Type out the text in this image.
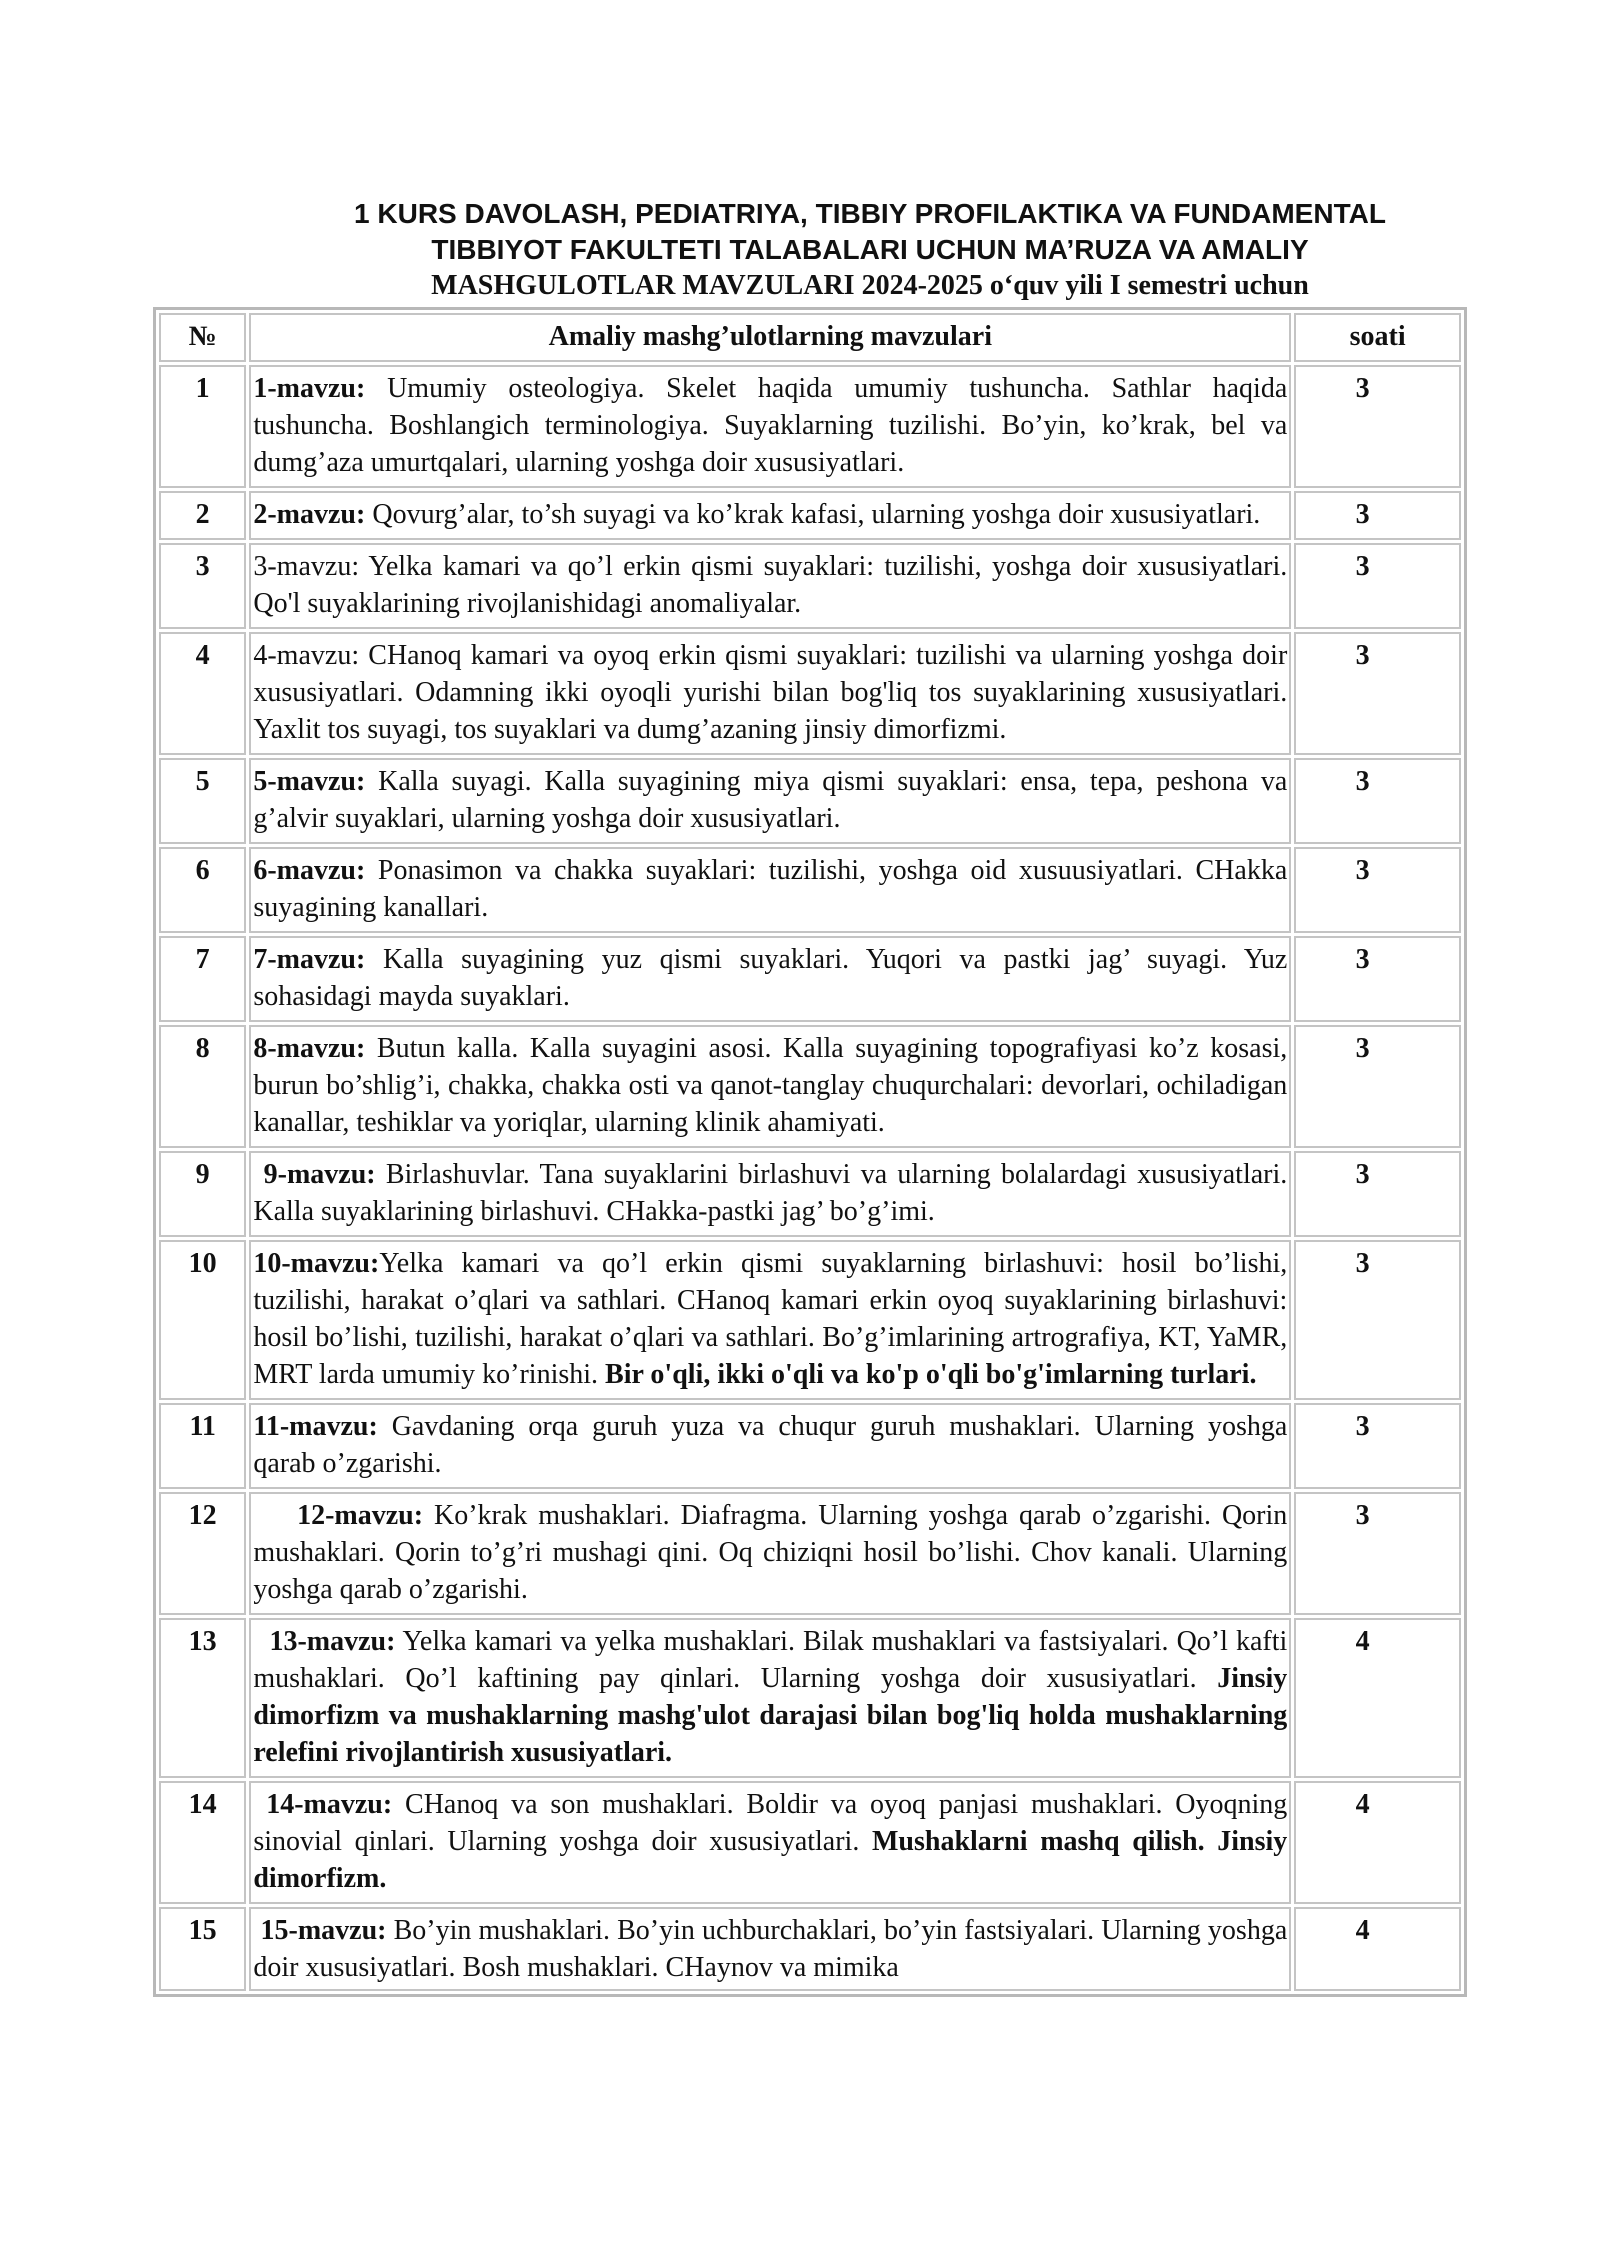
1 KURS DAVOLASH, PEDIATRIYA, TIBBIY PROFILAKTIKA VA FUNDAMENTAL
TIBBIYOT FAKULTETI TALABALARI UCHUN MA’RUZA VA AMALIY
MASHGULOTLAR MAVZULARI 2024-2025 o‘quv yili I semestri uchun
№	Amaliy mashg’ulotlarning mavzulari	soati
1	1-mavzu: Umumiy osteologiya. Skelet haqida umumiy tushuncha. Sathlar haqida tushuncha. Boshlangich terminologiya. Suyaklarning tuzilishi. Bo’yin, ko’krak, bel va dumg’aza umurtqalari, ularning yoshga doir xususiyatlari.	3
2	2-mavzu: Qovurg’alar, to’sh suyagi va ko’krak kafasi, ularning yoshga doir xususiyatlari.	3
3	3-mavzu: Yelka kamari va qo’l erkin qismi suyaklari: tuzilishi, yoshga doir xususiyatlari. Qo'l suyaklarining rivojlanishidagi anomaliyalar.	3
4	4-mavzu: CHanoq kamari va oyoq erkin qismi suyaklari: tuzilishi va ularning yoshga doir xususiyatlari. Odamning ikki oyoqli yurishi bilan bog'liq tos suyaklarining xususiyatlari. Yaxlit tos suyagi, tos suyaklari va dumg’azaning jinsiy dimorfizmi.	3
5	5-mavzu: Kalla suyagi. Kalla suyagining miya qismi suyaklari: ensa, tepa, peshona va g’alvir suyaklari, ularning yoshga doir xususiyatlari.	3
6	6-mavzu: Ponasimon va chakka suyaklari: tuzilishi, yoshga oid xusuusiyatlari. CHakka suyagining kanallari.	3
7	7-mavzu: Kalla suyagining yuz qismi suyaklari. Yuqori va pastki jag’ suyagi. Yuz sohasidagi mayda suyaklari.	3
8	8-mavzu: Butun kalla. Kalla suyagini asosi. Kalla suyagining topografiyasi ko’z kosasi, burun bo’shlig’i, chakka, chakka osti va qanot-tanglay chuqurchalari: devorlari, ochiladigan kanallar, teshiklar va yoriqlar, ularning klinik ahamiyati.	3
9	9-mavzu: Birlashuvlar. Tana suyaklarini birlashuvi va ularning bolalardagi xususiyatlari. Kalla suyaklarining birlashuvi. CHakka-pastki jag’ bo’g’imi.	3
10	10-mavzu:Yelka kamari va qo’l erkin qismi suyaklarning birlashuvi: hosil bo’lishi, tuzilishi, harakat o’qlari va sathlari. CHanoq kamari erkin oyoq suyaklarining birlashuvi: hosil bo’lishi, tuzilishi, harakat o’qlari va sathlari. Bo’g’imlarining artrografiya, KT, YaMR, MRT larda umumiy ko’rinishi. Bir o'qli, ikki o'qli va ko'p o'qli bo'g'imlarning turlari.	3
11	11-mavzu: Gavdaning orqa guruh yuza va chuqur guruh mushaklari. Ularning yoshga qarab o’zgarishi.	3
12	12-mavzu: Ko’krak mushaklari. Diafragma. Ularning yoshga qarab o’zgarishi. Qorin mushaklari. Qorin to’g’ri mushagi qini. Oq chiziqni hosil bo’lishi. Chov kanali. Ularning yoshga qarab o’zgarishi.	3
13	13-mavzu: Yelka kamari va yelka mushaklari. Bilak mushaklari va fastsiyalari. Qo’l kafti mushaklari. Qo’l kaftining pay qinlari. Ularning yoshga doir xususiyatlari. Jinsiy dimorfizm va mushaklarning mashg'ulot darajasi bilan bog'liq holda mushaklarning relefini rivojlantirish xususiyatlari.	4
14	14-mavzu: CHanoq va son mushaklari. Boldir va oyoq panjasi mushaklari. Oyoqning sinovial qinlari. Ularning yoshga doir xususiyatlari. Mushaklarni mashq qilish. Jinsiy dimorfizm.	4
15	15-mavzu: Bo’yin mushaklari. Bo’yin uchburchaklari, bo’yin fastsiyalari. Ularning yoshga doir xususiyatlari. Bosh mushaklari. CHaynov va mimika	4
